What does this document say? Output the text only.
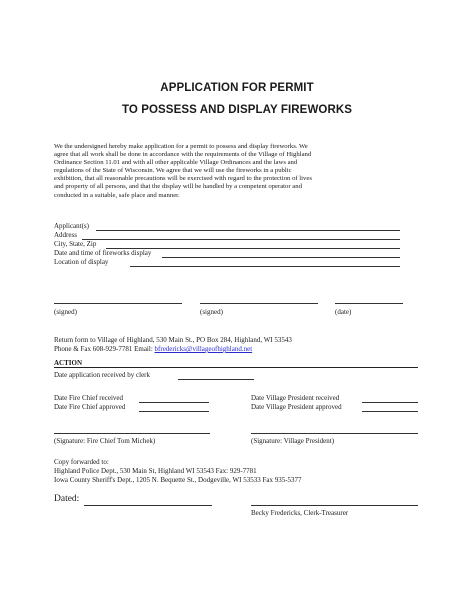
APPLICATION FOR PERMIT
TO POSSESS AND DISPLAY FIREWORKS
We the undersigned hereby make application for a permit to possess and display fireworks. We
agree that all work shall be done in accordance with the requirements of the Village of Highland
Ordinance Section 11.01 and with all other applicable Village Ordinances and the laws and
regulations of the State of Wisconsin. We agree that we will use the fireworks in a public
exhibition, that all reasonable precautions will be exercised with regard to the protection of lives
and property of all persons, and that the display will be handled by a competent operator and
conducted in a suitable, safe place and manner.
Applicant(s)
Address
City, State, Zip
Date and time of fireworks display
Location of display
(signed)	(signed)	(date)
Return form to Village of Highland, 530 Main St., PO Box 284, Highland, WI 53543
Phone & Fax 608-929-7781 Email: bfredericks@villageofhighland.net
ACTION
Date application received by clerk
Date Fire Chief received
Date Fire Chief approved
Date Village President received
Date Village President approved
(Signature: Fire Chief Tom Michek)	(Signature: Village President)
Copy forwarded to:
Highland Police Dept., 530 Main St, Highland WI 53543 Fax: 929-7781
Iowa County Sheriff's Dept., 1205 N. Bequette St., Dodgeville, WI 53533 Fax 935-5377
Dated:
Becky Fredericks, Clerk-Treasurer
